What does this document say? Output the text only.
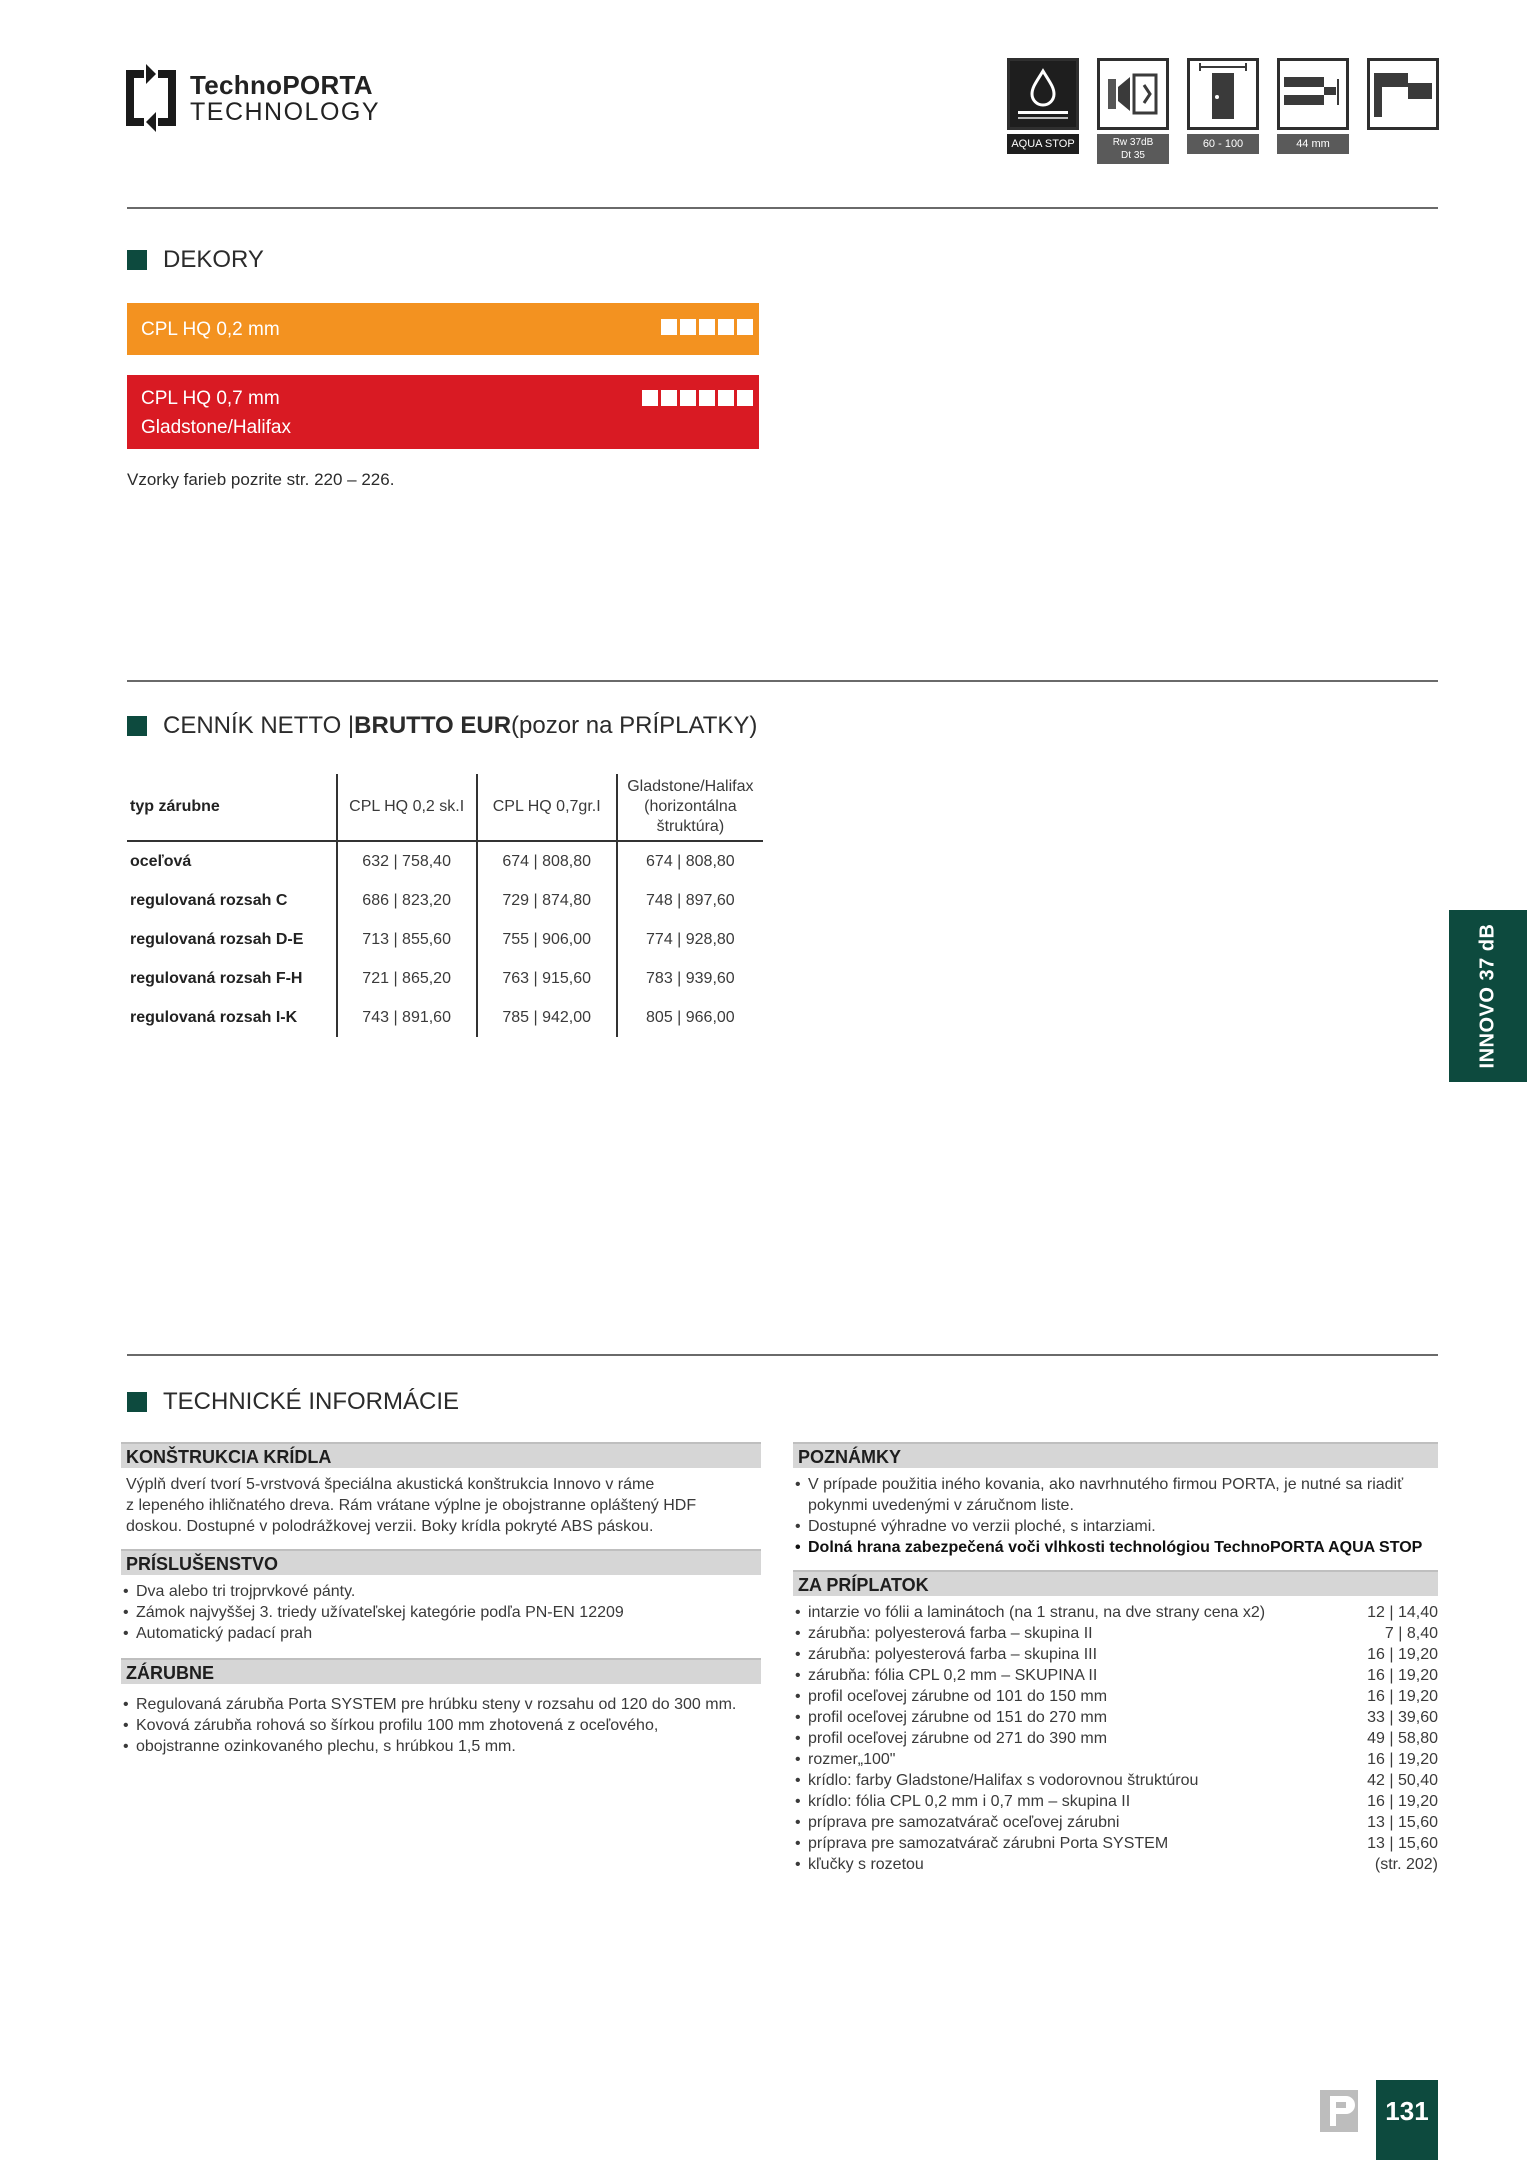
TechnoPORTA
TECHNOLOGY
AQUA STOP	Rw 37dB
Dt 35
60 - 100	44 mm
DEKORY
CPL HQ 0,2 mm
CPL HQ 0,7 mm
Gladstone/Halifax
Vzorky farieb pozrite str. 220 – 226.
CENNÍK NETTO | BRUTTO EUR (pozor na PRÍPLATKY)
typ zárubne	CPL HQ 0,2 sk.I	CPL HQ 0,7gr.I	Gladstone/Halifax
(horizontálna
štruktúra)

oceľová	632 | 758,40	674 | 808,80	674 | 808,80
regulovaná rozsah C	686 | 823,20	729 | 874,80	748 | 897,60
regulovaná rozsah D-E	713 | 855,60	755 | 906,00	774 | 928,80
regulovaná rozsah F-H	721 | 865,20	763 | 915,60	783 | 939,60
regulovaná rozsah I-K	743 | 891,60	785 | 942,00	805 | 966,00	INNOVO 37 dB
TECHNICKÉ INFORMÁCIE
KONŠTRUKCIA KRÍDLA
Výplň dverí tvorí 5-vrstvová špeciálna akustická konštrukcia Innovo v ráme
z lepeného ihličnatého dreva. Rám vrátane výplne je obojstranne opláštený HDF
doskou. Dostupné v polodrážkovej verzii. Boky krídla pokryté ABS páskou.
PRÍSLUŠENSTVO
• Dva alebo tri trojprvkové pánty.
• Zámok najvyššej 3. triedy užívateľskej kategórie podľa PN-EN 12209
• Automatický padací prah
ZÁRUBNE
• Regulovaná zárubňa Porta SYSTEM pre hrúbku steny v rozsahu od 120 do 300 mm.
• Kovová zárubňa rohová so šírkou profilu 100 mm zhotovená z oceľového,
• obojstranne ozinkovaného plechu, s hrúbkou 1,5 mm.
POZNÁMKY
• V prípade použitia iného kovania, ako navrhnutého firmou PORTA, je nutné sa riadiť
pokynmi uvedenými v záručnom liste.
• Dostupné výhradne vo verzii ploché, s intarziami.
• Dolná hrana zabezpečená voči vlhkosti technológiou TechnoPORTA AQUA STOP
ZA PRÍPLATOK
• intarzie vo fólii a laminátoch (na 1 stranu, na dve strany cena x2)	12 | 14,40
• zárubňa: polyesterová farba – skupina II	7 | 8,40
• zárubňa: polyesterová farba – skupina III	16 | 19,20
• zárubňa: fólia CPL 0,2 mm – SKUPINA II	16 | 19,20
• profil oceľovej zárubne od 101 do 150 mm	16 | 19,20
• profil oceľovej zárubne od 151 do 270 mm	33 | 39,60
• profil oceľovej zárubne od 271 do 390 mm	49 | 58,80
• rozmer„100"	16 | 19,20
• krídlo: farby Gladstone/Halifax s vodorovnou štruktúrou	42 | 50,40
• krídlo: fólia CPL 0,2 mm i 0,7 mm – skupina II	16 | 19,20
• príprava pre samozatvárač oceľovej zárubni	13 | 15,60
• príprava pre samozatvárač zárubni Porta SYSTEM	13 | 15,60
• kľučky s rozetou	(str. 202)
131
